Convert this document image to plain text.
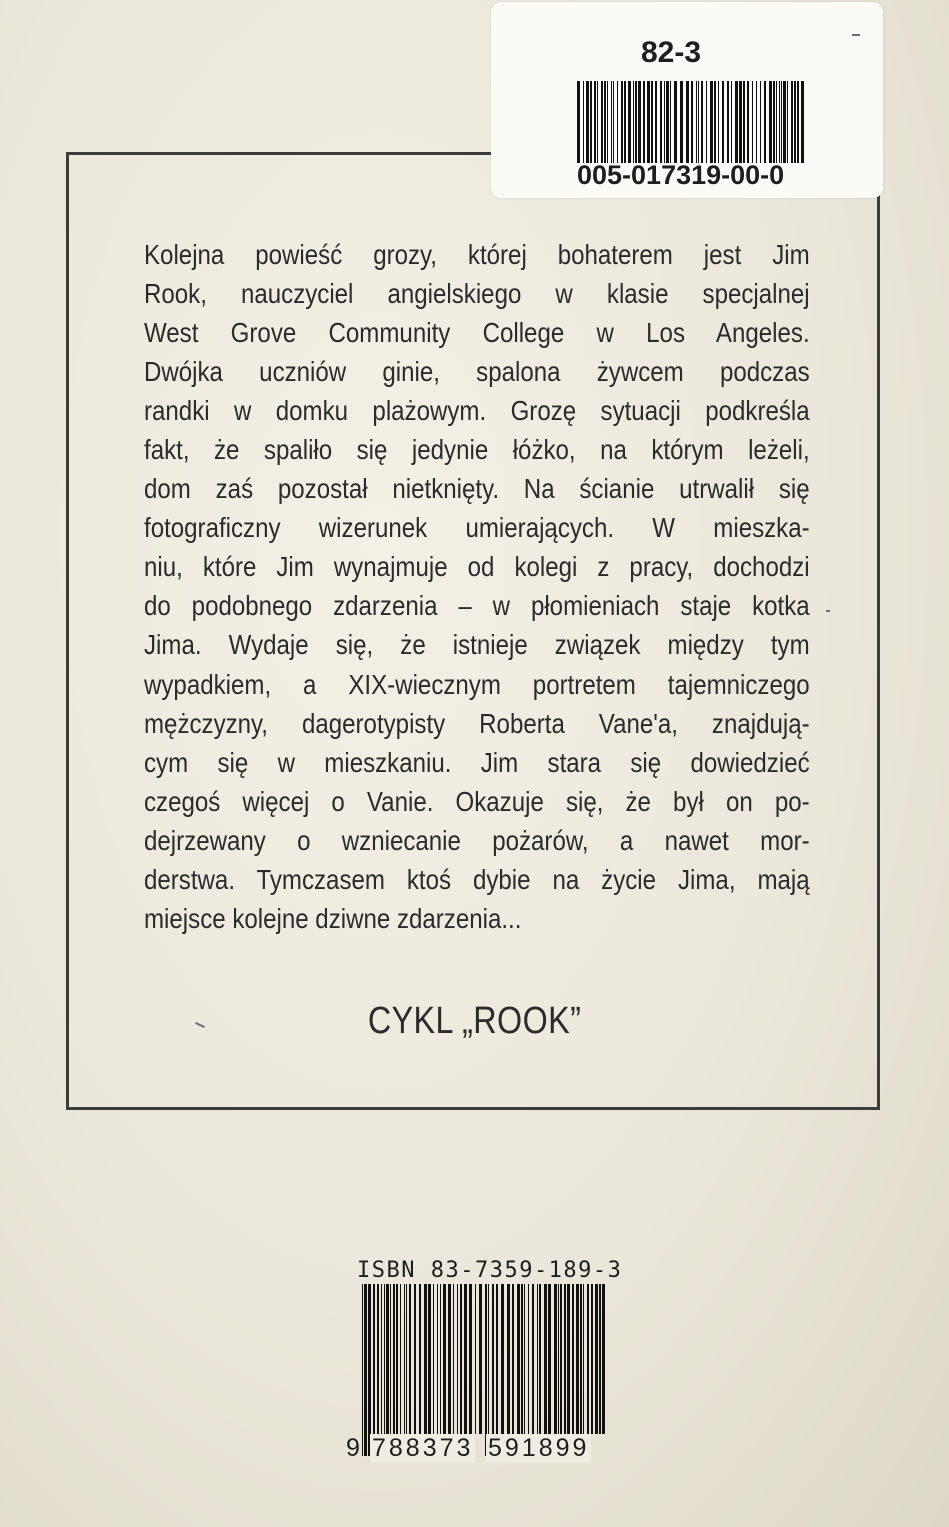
Kolejna powieść grozy, której bohaterem jest Jim
Rook, nauczyciel angielskiego w klasie specjalnej
West Grove Community College w Los Angeles.
Dwójka uczniów ginie, spalona żywcem podczas
randki w domku plażowym. Grozę sytuacji podkreśla
fakt, że spaliło się jedynie łóżko, na którym leżeli,
dom zaś pozostał nietknięty. Na ścianie utrwalił się
fotograficzny wizerunek umierających. W mieszka-
niu, które Jim wynajmuje od kolegi z pracy, dochodzi
do podobnego zdarzenia – w płomieniach staje kotka
Jima. Wydaje się, że istnieje związek między tym
wypadkiem, a XIX-wiecznym portretem tajemniczego
mężczyzny, dagerotypisty Roberta Vane'a, znajdują-
cym się w mieszkaniu. Jim stara się dowiedzieć
czegoś więcej o Vanie. Okazuje się, że był on po-
dejrzewany o wzniecanie pożarów, a nawet mor-
derstwa. Tymczasem ktoś dybie na życie Jima, mają
miejsce kolejne dziwne zdarzenia...
CYKL „ROOK”
82-3
005-017319-00-0
ISBN 83-7359-189-3
9 788373 591899
